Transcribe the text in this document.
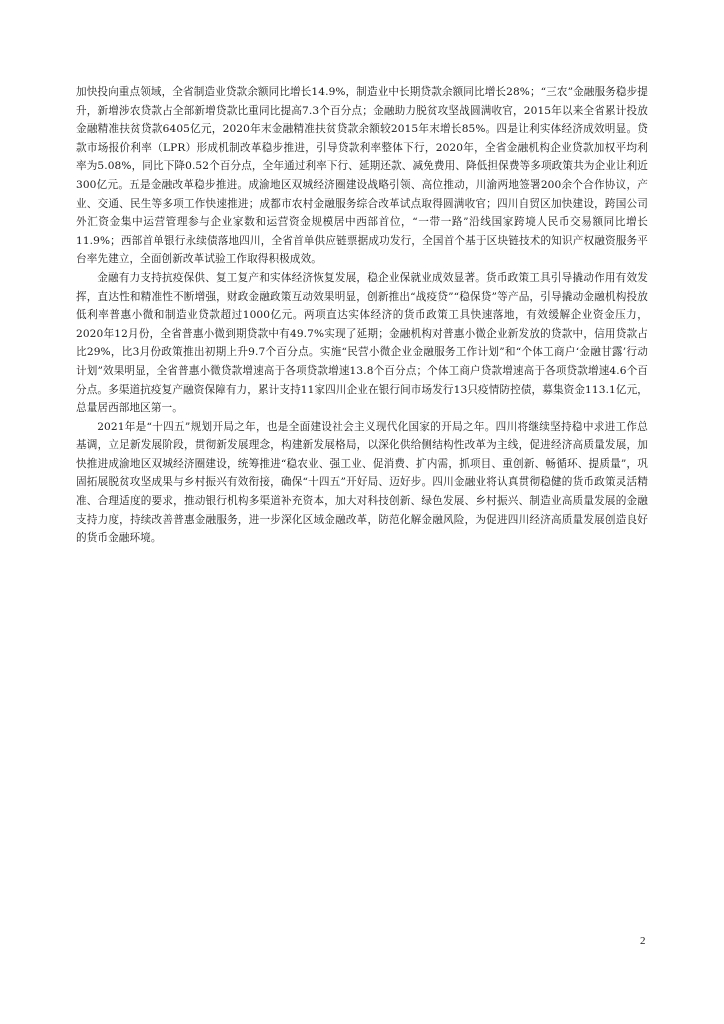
加快投向重点领域，全省制造业贷款余额同比增长14.9%，制造业中长期贷款余额同比增长28%；“三农”金融服务稳步提升，新增涉农贷款占全部新增贷款比重同比提高7.3个百分点；金融助力脱贫攻坚战圆满收官，2015年以来全省累计投放金融精准扶贫贷款6405亿元，2020年末金融精准扶贫贷款余额较2015年末增长85%。四是让利实体经济成效明显。贷款市场报价利率（LPR）形成机制改革稳步推进，引导贷款利率整体下行，2020年，全省金融机构企业贷款加权平均利率为5.08%，同比下降0.52个百分点，全年通过利率下行、延期还款、减免费用、降低担保费等多项政策共为企业让利近300亿元。五是金融改革稳步推进。成渝地区双城经济圈建设战略引领、高位推动，川渝两地签署200余个合作协议，产业、交通、民生等多项工作快速推进；成都市农村金融服务综合改革试点取得圆满收官；四川自贸区加快建设，跨国公司外汇资金集中运营管理参与企业家数和运营资金规模居中西部首位，“一带一路”沿线国家跨境人民币交易额同比增长11.9%；西部首单银行永续债落地四川，全省首单供应链票据成功发行，全国首个基于区块链技术的知识产权融资服务平台率先建立，全面创新改革试验工作取得积极成效。

金融有力支持抗疫保供、复工复产和实体经济恢复发展，稳企业保就业成效显著。货币政策工具引导撬动作用有效发挥，直达性和精准性不断增强，财政金融政策互动效果明显，创新推出“战疫贷”“稳保贷”等产品，引导撬动金融机构投放低利率普惠小微和制造业贷款超过1000亿元。两项直达实体经济的货币政策工具快速落地，有效缓解企业资金压力，2020年12月份，全省普惠小微到期贷款中有49.7%实现了延期；金融机构对普惠小微企业新发放的贷款中，信用贷款占比29%，比3月份政策推出初期上升9.7个百分点。实施“民营小微企业金融服务工作计划”和“个体工商户‘金融甘露’行动计划”效果明显，全省普惠小微贷款增速高于各项贷款增速13.8个百分点；个体工商户贷款增速高于各项贷款增速4.6个百分点。多渠道抗疫复产融资保障有力，累计支持11家四川企业在银行间市场发行13只疫情防控债，募集资金113.1亿元，总量居西部地区第一。

2021年是“十四五”规划开局之年，也是全面建设社会主义现代化国家的开局之年。四川将继续坚持稳中求进工作总基调，立足新发展阶段，贯彻新发展理念，构建新发展格局，以深化供给侧结构性改革为主线，促进经济高质量发展，加快推进成渝地区双城经济圈建设，统筹推进“稳农业、强工业、促消费、扩内需，抓项目、重创新、畅循环、提质量”，巩固拓展脱贫攻坚成果与乡村振兴有效衔接，确保“十四五”开好局、迈好步。四川金融业将认真贯彻稳健的货币政策灵活精准、合理适度的要求，推动银行机构多渠道补充资本，加大对科技创新、绿色发展、乡村振兴、制造业高质量发展的金融支持力度，持续改善普惠金融服务，进一步深化区域金融改革，防范化解金融风险，为促进四川经济高质量发展创造良好的货币金融环境。

2
